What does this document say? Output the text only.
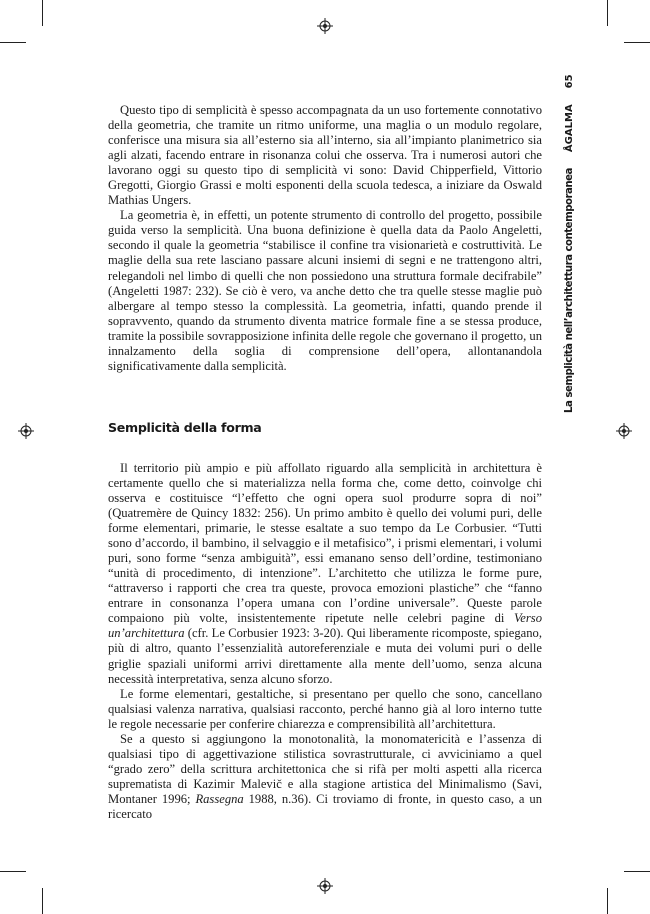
Questo tipo di semplicità è spesso accompagnata da un uso fortemente connotativo della geometria, che tramite un ritmo uniforme, una maglia o un modulo regolare, conferisce una misura sia all’esterno sia all’interno, sia all’impianto planimetrico sia agli alzati, facendo entrare in risonanza colui che osserva. Tra i numerosi autori che lavorano oggi su questo tipo di semplicità vi sono: David Chipperfield, Vittorio Gregotti, Giorgio Grassi e molti esponenti della scuola tedesca, a iniziare da Oswald Mathias Ungers.

La geometria è, in effetti, un potente strumento di controllo del progetto, possibile guida verso la semplicità. Una buona definizione è quella data da Paolo Angeletti, secondo il quale la geometria “stabilisce il confine tra visionarietà e costruttività. Le maglie della sua rete lasciano passare alcuni insiemi di segni e ne trattengono altri, relegandoli nel limbo di quelli che non possiedono una struttura formale decifrabile” (Angeletti 1987: 232). Se ciò è vero, va anche detto che tra quelle stesse maglie può albergare al tempo stesso la complessità. La geometria, infatti, quando prende il sopravvento, quando da strumento diventa matrice formale fine a se stessa produce, tramite la possibile sovrapposizione infinita delle regole che governano il progetto, un innalzamento della soglia di comprensione dell’opera, allontanandola significativamente dalla semplicità.

Semplicità della forma

Il territorio più ampio e più affollato riguardo alla semplicità in architettura è certamente quello che si materializza nella forma che, come detto, coinvolge chi osserva e costituisce “l’effetto che ogni opera suol produrre sopra di noi” (Quatremère de Quincy 1832: 256). Un primo ambito è quello dei volumi puri, delle forme elementari, primarie, le stesse esaltate a suo tempo da Le Corbusier. “Tutti sono d’accordo, il bambino, il selvaggio e il metafisico”, i prismi elementari, i volumi puri, sono forme “senza ambiguità”, essi emanano senso dell’ordine, testimoniano “unità di procedimento, di intenzione”. L’architetto che utilizza le forme pure, “attraverso i rapporti che crea tra queste, provoca emozioni plastiche” che “fanno entrare in consonanza l’opera umana con l’ordine universale”. Queste parole compaiono più volte, insistentemente ripetute nelle celebri pagine di Verso un’architettura (cfr. Le Corbusier 1923: 3-20). Qui liberamente ricomposte, spiegano, più di altro, quanto l’essenzialità autoreferenziale e muta dei volumi puri o delle griglie spaziali uniformi arrivi direttamente alla mente dell’uomo, senza alcuna necessità interpretativa, senza alcuno sforzo.

Le forme elementari, gestaltiche, si presentano per quello che sono, cancellano qualsiasi valenza narrativa, qualsiasi racconto, perché hanno già al loro interno tutte le regole necessarie per conferire chiarezza e comprensibilità all’architettura.

Se a questo si aggiungono la monotonalità, la monomatericità e l’assenza di qualsiasi tipo di aggettivazione stilistica sovrastrutturale, ci avviciniamo a quel “grado zero” della scrittura architettonica che si rifà per molti aspetti alla ricerca suprematista di Kazimir Malevič e alla stagione artistica del Minimalismo (Savi, Montaner 1996; Rassegna 1988, n.36). Ci troviamo di fronte, in questo caso, a un ricercato

La semplicità nell’architettura contemporanea
ÅGALMA
65
